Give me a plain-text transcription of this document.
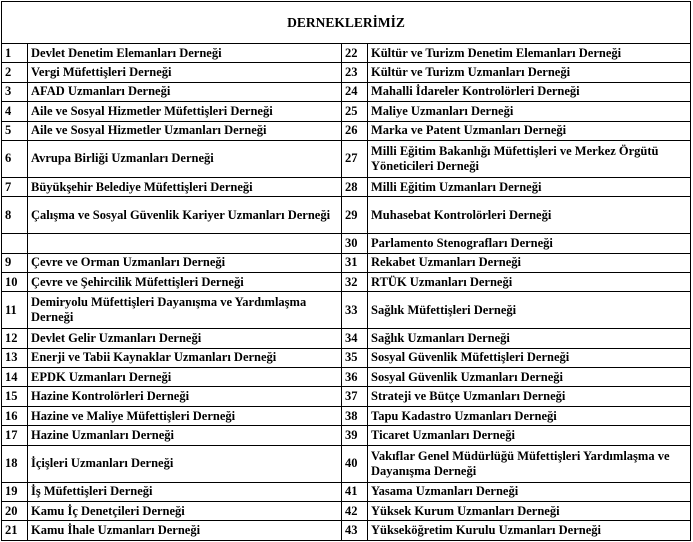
DERNEKLERİMİZ			
1	Devlet Denetim Elemanları Derneği	22	Kültür ve Turizm Denetim Elemanları Derneği
2	Vergi Müfettişleri Derneği	23	Kültür ve Turizm Uzmanları Derneği
3	AFAD Uzmanları Derneği	24	Mahalli İdareler Kontrolörleri Derneği
4	Aile ve Sosyal Hizmetler Müfettişleri Derneği	25	Maliye Uzmanları Derneği
5	Aile ve Sosyal Hizmetler Uzmanları Derneği	26	Marka ve Patent Uzmanları Derneği
6	Avrupa Birliği Uzmanları Derneği	27	Milli Eğitim Bakanlığı Müfettişleri ve Merkez Örgütü Yöneticileri Derneği
7	Büyükşehir Belediye Müfettişleri Derneği	28	Milli Eğitim Uzmanları Derneği
8	Çalışma ve Sosyal Güvenlik Kariyer Uzmanları Derneği	29	Muhasebat Kontrolörleri Derneği
		30	Parlamento Stenografları Derneği
9	Çevre ve Orman Uzmanları Derneği	31	Rekabet Uzmanları Derneği
10	Çevre ve Şehircilik Müfettişleri Derneği	32	RTÜK Uzmanları Derneği
11	Demiryolu Müfettişleri Dayanışma ve Yardımlaşma Derneği	33	Sağlık Müfettişleri Derneği
12	Devlet Gelir Uzmanları Derneği	34	Sağlık Uzmanları Derneği
13	Enerji ve Tabii Kaynaklar Uzmanları Derneği	35	Sosyal Güvenlik Müfettişleri Derneği
14	EPDK Uzmanları Derneği	36	Sosyal Güvenlik Uzmanları Derneği
15	Hazine Kontrolörleri Derneği	37	Strateji ve Bütçe Uzmanları Derneği
16	Hazine ve Maliye Müfettişleri Derneği	38	Tapu Kadastro Uzmanları Derneği
17	Hazine Uzmanları Derneği	39	Ticaret Uzmanları Derneği
18	İçişleri Uzmanları Derneği	40	Vakıflar Genel Müdürlüğü Müfettişleri Yardımlaşma ve Dayanışma Derneği
19	İş Müfettişleri Derneği	41	Yasama Uzmanları Derneği
20	Kamu İç Denetçileri Derneği	42	Yüksek Kurum Uzmanları Derneği
21	Kamu İhale Uzmanları Derneği	43	Yükseköğretim Kurulu Uzmanları Derneği
